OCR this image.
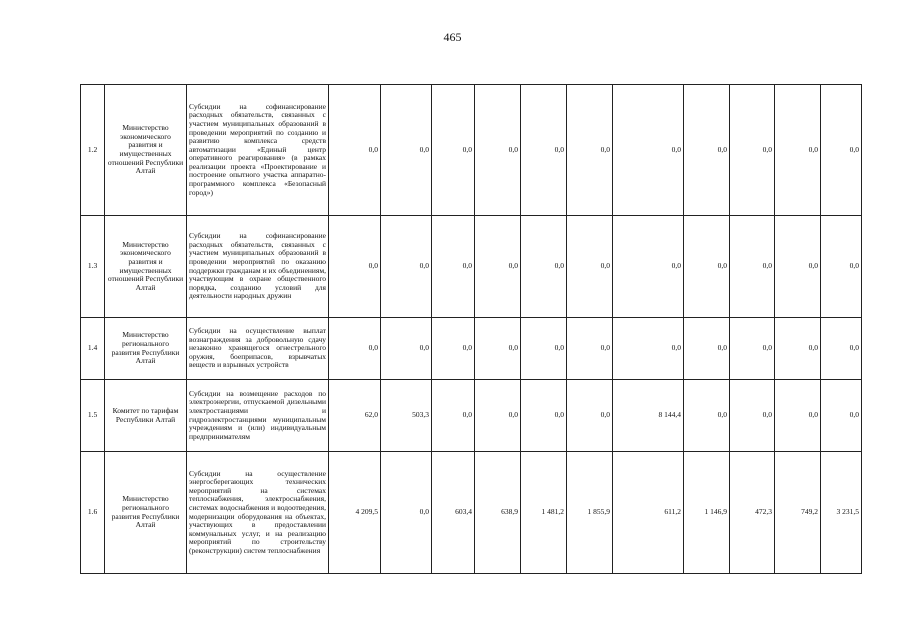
465
1.2	Министерство экономического развития и имущественных отношений Республики Алтай	Субсидии на софинансирование расходных обязательств, связанных с участием муниципальных образований в проведении мероприятий по созданию и развитию комплекса средств автоматизации «Единый центр оперативного реагирования» (в рамках реализации проекта «Проектирование и построение опытного участка аппаратно-программного комплекса «Безопасный город»)	0,0	0,0	0,0	0,0	0,0	0,0	0,0	0,0	0,0	0,0	0,0
1.3	Министерство экономического развития и имущественных отношений Республики Алтай	Субсидии на софинансирование расходных обязательств, связанных с участием муниципальных образований в проведении мероприятий по оказанию поддержки гражданам и их объединениям, участвующим в охране общественного порядка, созданию условий для деятельности народных дружин	0,0	0,0	0,0	0,0	0,0	0,0	0,0	0,0	0,0	0,0	0,0
1.4	Министерство регионального развития Республики Алтай	Субсидии на осуществление выплат вознаграждения за добровольную сдачу незаконно хранящегося огнестрельного оружия, боеприпасов, взрывчатых веществ и взрывных устройств	0,0	0,0	0,0	0,0	0,0	0,0	0,0	0,0	0,0	0,0	0,0
1.5	Комитет по тарифам Республики Алтай	Субсидии на возмещение расходов по электроэнергии, отпускаемой дизельными электростанциями и гидроэлектростанциями муниципальным учреждениям и (или) индивидуальным предпринимателям	62,0	503,3	0,0	0,0	0,0	0,0	8 144,4	0,0	0,0	0,0	0,0
1.6	Министерство регионального развития Республики Алтай	Субсидии на осуществление энергосберегающих технических мероприятий на системах теплоснабжения, электроснабжения, системах водоснабжения и водоотведения, модернизации оборудования на объектах, участвующих в предоставлении коммунальных услуг, и на реализацию мероприятий по строительству (реконструкции) систем теплоснабжения	4 209,5	0,0	603,4	638,9	1 481,2	1 855,9	611,2	1 146,9	472,3	749,2	3 231,5
